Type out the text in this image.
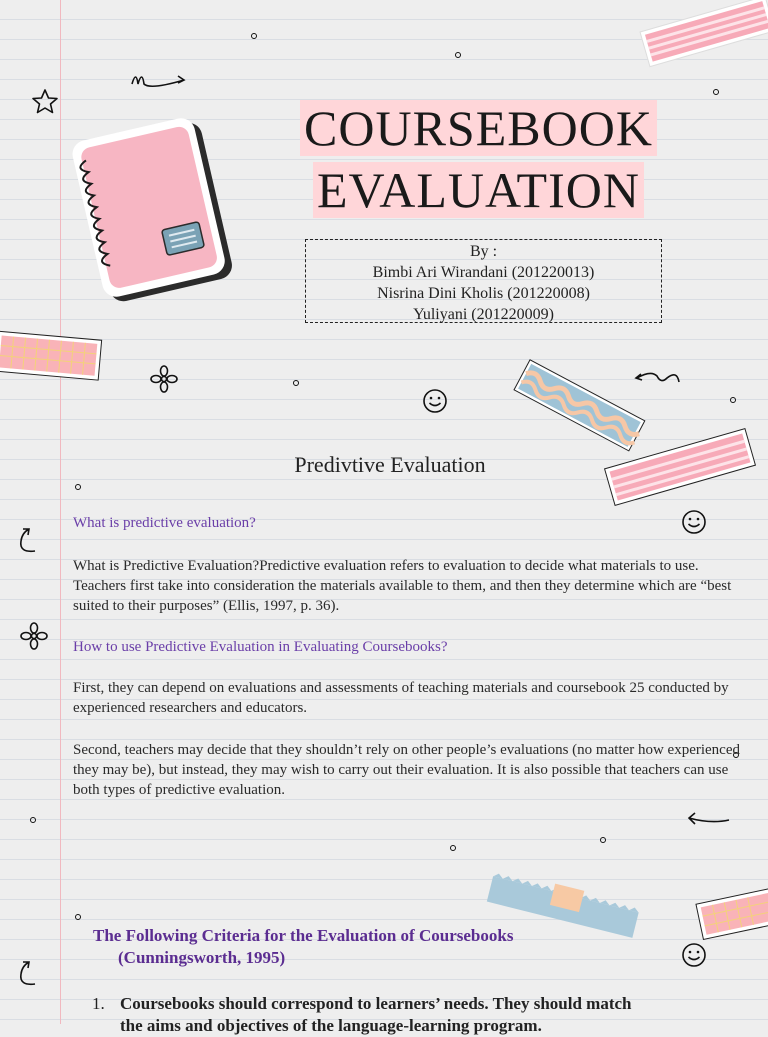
COURSEBOOK
EVALUATION
By :
Bimbi Ari Wirandani (201220013)
Nisrina Dini Kholis (201220008)
Yuliyani (201220009)
Predivtive Evaluation
What is predictive evaluation?
What is Predictive Evaluation?Predictive evaluation refers to evaluation to decide what materials to use. Teachers first take into consideration the materials available to them, and then they determine which are “best suited to their purposes” (Ellis, 1997, p. 36).
How to use Predictive Evaluation in Evaluating Coursebooks?
First, they can depend on evaluations and assessments of teaching materials and coursebook 25 conducted by experienced researchers and educators.
Second, teachers may decide that they shouldn’t rely on other people’s evaluations (no matter how experienced they may be), but instead, they may wish to carry out their evaluation. It is also possible that teachers can use both types of predictive evaluation.
The Following Criteria for the Evaluation of Coursebooks
(Cunningsworth, 1995)
1. Coursebooks should correspond to learners’ needs. They should match
the aims and objectives of the language-learning program.
